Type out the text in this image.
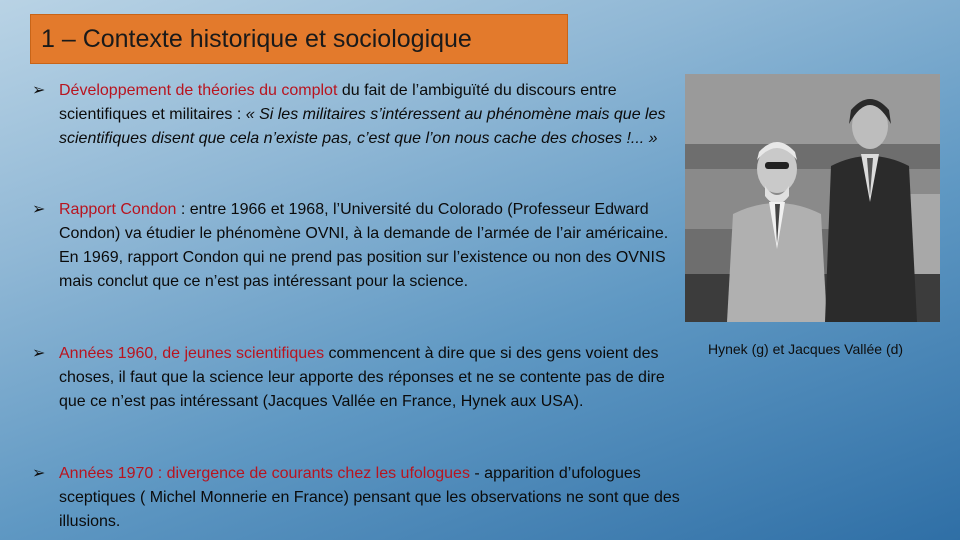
1 – Contexte historique et sociologique
➢ Développement de théories du complot du fait de l’ambiguïté du discours entre scientifiques et militaires : « Si les militaires s’intéressent au phénomène mais que les scientifiques disent que cela n’existe pas, c’est que l’on nous cache des choses !... »
➢ Rapport Condon : entre 1966 et 1968, l’Université du Colorado (Professeur Edward Condon) va étudier le phénomène OVNI, à la demande de l’armée de l’air américaine. En 1969, rapport Condon qui ne prend pas position sur l’existence ou non des OVNIS mais conclut que ce n’est pas intéressant pour la science.
➢ Années 1960, de jeunes scientifiques commencent à dire que si des gens voient des choses, il faut que la science leur apporte des réponses et ne se contente pas de dire que ce n’est pas intéressant (Jacques Vallée en France, Hynek aux USA).
➢ Années 1970 : divergence de courants chez les ufologues - apparition d’ufologues sceptiques ( Michel Monnerie en France) pensant que les observations ne sont que des illusions.
Hynek (g) et Jacques Vallée (d)
